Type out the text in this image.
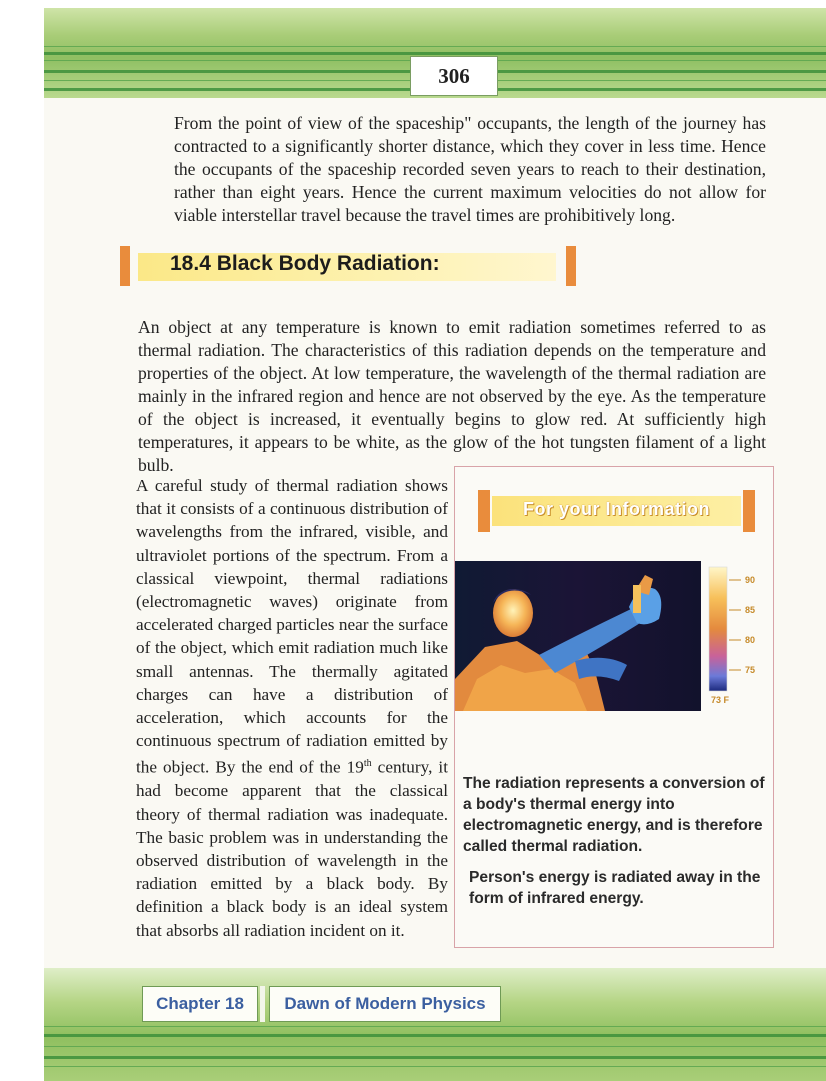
306

From the point of view of the spaceship" occupants, the length of the journey has contracted to a significantly shorter distance, which they cover in less time. Hence the occupants of the spaceship recorded seven years to reach to their destination, rather than eight years. Hence the current maximum velocities do not allow for viable interstellar travel because the travel times are prohibitively long.

18.4 Black Body Radiation:

An object at any temperature is known to emit radiation sometimes referred to as thermal radiation. The characteristics of this radiation depends on the temperature and properties of the object. At low temperature, the wavelength of the thermal radiation are mainly in the infrared region and hence are not observed by the eye. As the temperature of the object is increased, it eventually begins to glow red. At sufficiently high temperatures, it appears to be white, as the glow of the hot tungsten filament of a light bulb.

A careful study of thermal radiation shows that it consists of a continuous distribution of wavelengths from the infrared, visible, and ultraviolet portions of the spectrum. From a classical viewpoint, thermal radiations (electromagnetic waves) originate from accelerated charged particles near the surface of the object, which emit radiation much like small antennas. The thermally agitated charges can have a distribution of acceleration, which accounts for the continuous spectrum of radiation emitted by the object. By the end of the 19th century, it had become apparent that the classical theory of thermal radiation was inadequate. The basic problem was in understanding the observed distribution of wavelength in the radiation emitted by a black body. By definition a black body is an ideal system that absorbs all radiation incident on it.

For your Information
90
85
80
75
73 F

The radiation represents a conversion of a body's thermal energy into electromagnetic energy, and is therefore called thermal radiation.

Person's energy is radiated away in the form of infrared energy.

Chapter 18	Dawn of Modern Physics
